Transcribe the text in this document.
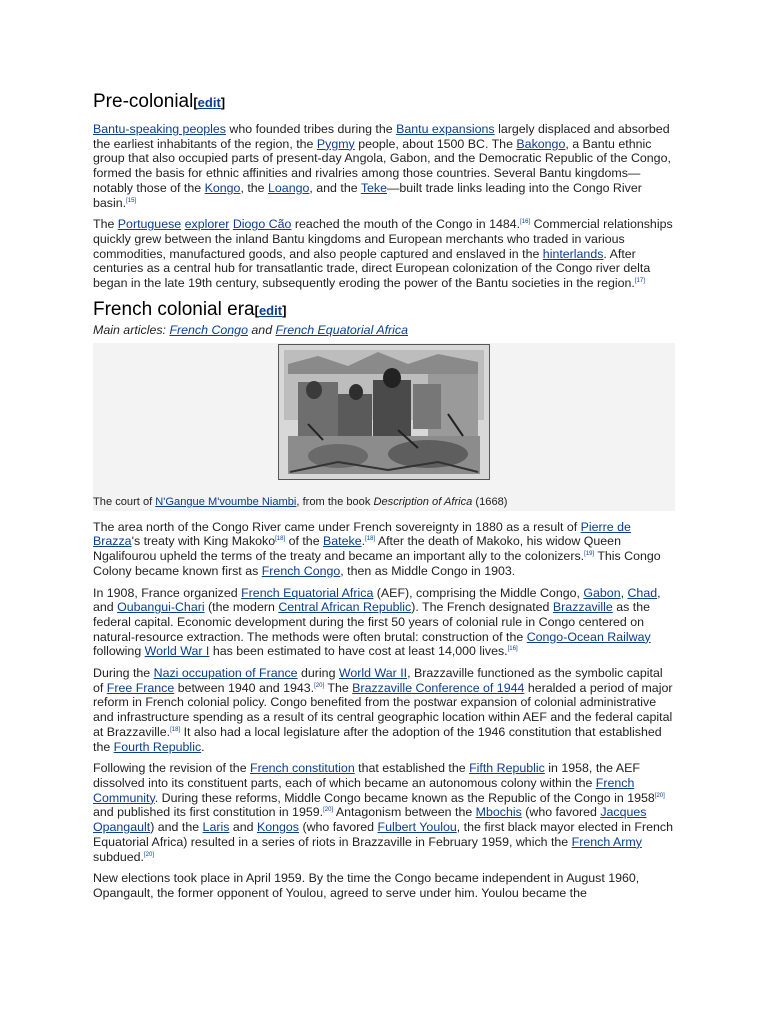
Pre-colonial[edit]

Bantu-speaking peoples who founded tribes during the Bantu expansions largely displaced and absorbed the earliest inhabitants of the region, the Pygmy people, about 1500 BC. The Bakongo, a Bantu ethnic group that also occupied parts of present-day Angola, Gabon, and the Democratic Republic of the Congo, formed the basis for ethnic affinities and rivalries among those countries. Several Bantu kingdoms—notably those of the Kongo, the Loango, and the Teke—built trade links leading into the Congo River basin.[15]

The Portuguese explorer Diogo Cão reached the mouth of the Congo in 1484.[16] Commercial relationships quickly grew between the inland Bantu kingdoms and European merchants who traded in various commodities, manufactured goods, and also people captured and enslaved in the hinterlands. After centuries as a central hub for transatlantic trade, direct European colonization of the Congo river delta began in the late 19th century, subsequently eroding the power of the Bantu societies in the region.[17]

French colonial era[edit]
Main articles: French Congo and French Equatorial Africa
The court of N'Gangue M'voumbe Niambi, from the book Description of Africa (1668)

The area north of the Congo River came under French sovereignty in 1880 as a result of Pierre de Brazza's treaty with King Makoko[18] of the Bateke.[18] After the death of Makoko, his widow Queen Ngalifourou upheld the terms of the treaty and became an important ally to the colonizers.[19] This Congo Colony became known first as French Congo, then as Middle Congo in 1903.

In 1908, France organized French Equatorial Africa (AEF), comprising the Middle Congo, Gabon, Chad, and Oubangui-Chari (the modern Central African Republic). The French designated Brazzaville as the federal capital. Economic development during the first 50 years of colonial rule in Congo centered on natural-resource extraction. The methods were often brutal: construction of the Congo-Ocean Railway following World War I has been estimated to have cost at least 14,000 lives.[16]

During the Nazi occupation of France during World War II, Brazzaville functioned as the symbolic capital of Free France between 1940 and 1943.[20] The Brazzaville Conference of 1944 heralded a period of major reform in French colonial policy. Congo benefited from the postwar expansion of colonial administrative and infrastructure spending as a result of its central geographic location within AEF and the federal capital at Brazzaville.[18] It also had a local legislature after the adoption of the 1946 constitution that established the Fourth Republic.

Following the revision of the French constitution that established the Fifth Republic in 1958, the AEF dissolved into its constituent parts, each of which became an autonomous colony within the French Community. During these reforms, Middle Congo became known as the Republic of the Congo in 1958[20] and published its first constitution in 1959.[20] Antagonism between the Mbochis (who favored Jacques Opangault) and the Laris and Kongos (who favored Fulbert Youlou, the first black mayor elected in French Equatorial Africa) resulted in a series of riots in Brazzaville in February 1959, which the French Army subdued.[20]

New elections took place in April 1959. By the time the Congo became independent in August 1960, Opangault, the former opponent of Youlou, agreed to serve under him. Youlou became the
